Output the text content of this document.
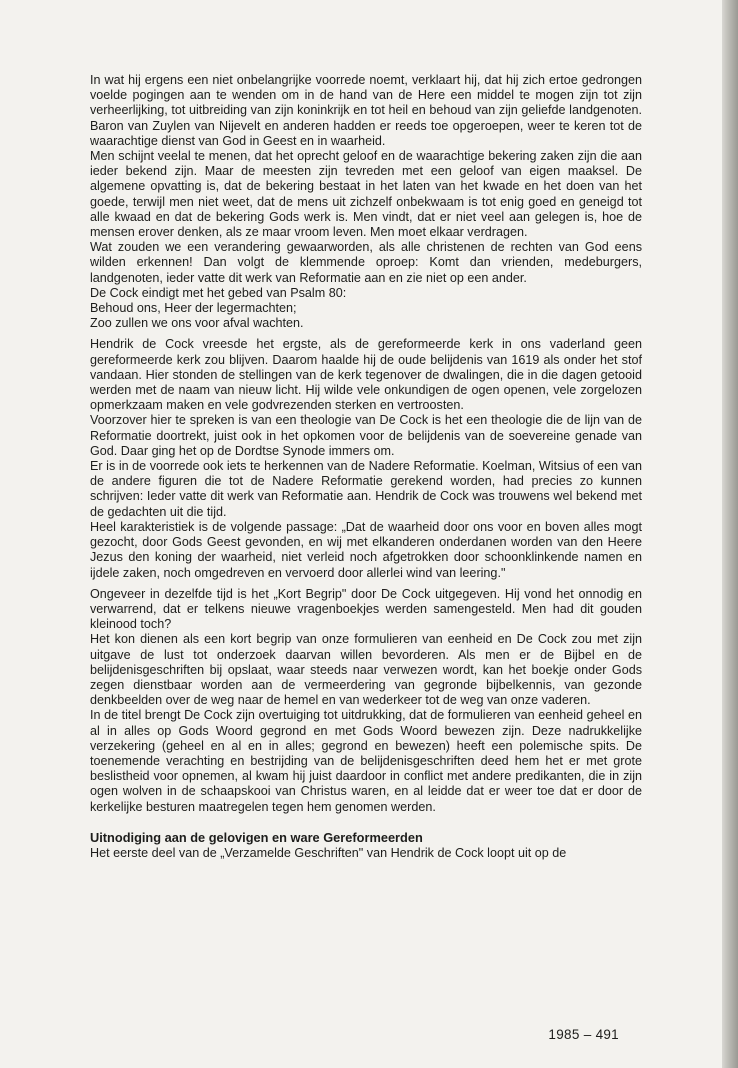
In wat hij ergens een niet onbelangrijke voorrede noemt, verklaart hij, dat hij zich ertoe gedrongen voelde pogingen aan te wenden om in de hand van de Here een middel te mogen zijn tot zijn verheerlijking, tot uitbreiding van zijn koninkrijk en tot heil en behoud van zijn geliefde landgenoten. Baron van Zuylen van Nijevelt en anderen hadden er reeds toe opgeroepen, weer te keren tot de waarachtige dienst van God in Geest en in waarheid.

Men schijnt veelal te menen, dat het oprecht geloof en de waarachtige bekering zaken zijn die aan ieder bekend zijn. Maar de meesten zijn tevreden met een geloof van eigen maaksel. De algemene opvatting is, dat de bekering bestaat in het laten van het kwade en het doen van het goede, terwijl men niet weet, dat de mens uit zichzelf onbekwaam is tot enig goed en geneigd tot alle kwaad en dat de bekering Gods werk is. Men vindt, dat er niet veel aan gelegen is, hoe de mensen erover denken, als ze maar vroom leven. Men moet elkaar verdragen.

Wat zouden we een verandering gewaarworden, als alle christenen de rechten van God eens wilden erkennen! Dan volgt de klemmende oproep: Komt dan vrienden, medeburgers, landgenoten, ieder vatte dit werk van Reformatie aan en zie niet op een ander.

De Cock eindigt met het gebed van Psalm 80:

Behoud ons, Heer der legermachten;

Zoo zullen we ons voor afval wachten.

Hendrik de Cock vreesde het ergste, als de gereformeerde kerk in ons vaderland geen gereformeerde kerk zou blijven. Daarom haalde hij de oude belijdenis van 1619 als onder het stof vandaan. Hier stonden de stellingen van de kerk tegenover de dwalingen, die in die dagen getooid werden met de naam van nieuw licht. Hij wilde vele onkundigen de ogen openen, vele zorgelozen opmerkzaam maken en vele godvrezenden sterken en vertroosten.

Voorzover hier te spreken is van een theologie van De Cock is het een theologie die de lijn van de Reformatie doortrekt, juist ook in het opkomen voor de belijdenis van de soevereine genade van God. Daar ging het op de Dordtse Synode immers om.

Er is in de voorrede ook iets te herkennen van de Nadere Reformatie. Koelman, Witsius of een van de andere figuren die tot de Nadere Reformatie gerekend worden, had precies zo kunnen schrijven: Ieder vatte dit werk van Reformatie aan. Hendrik de Cock was trouwens wel bekend met de gedachten uit die tijd.

Heel karakteristiek is de volgende passage: „Dat de waarheid door ons voor en boven alles mogt gezocht, door Gods Geest gevonden, en wij met elkanderen onderdanen worden van den Heere Jezus den koning der waarheid, niet verleid noch afgetrokken door schoonklinkende namen en ijdele zaken, noch omgedreven en vervoerd door allerlei wind van leering."

Ongeveer in dezelfde tijd is het „Kort Begrip" door De Cock uitgegeven. Hij vond het onnodig en verwarrend, dat er telkens nieuwe vragenboekjes werden samengesteld. Men had dit gouden kleinood toch?

Het kon dienen als een kort begrip van onze formulieren van eenheid en De Cock zou met zijn uitgave de lust tot onderzoek daarvan willen bevorderen. Als men er de Bijbel en de belijdenisgeschriften bij opslaat, waar steeds naar verwezen wordt, kan het boekje onder Gods zegen dienstbaar worden aan de vermeerdering van gegronde bijbelkennis, van gezonde denkbeelden over de weg naar de hemel en van wederkeer tot de weg van onze vaderen.

In de titel brengt De Cock zijn overtuiging tot uitdrukking, dat de formulieren van eenheid geheel en al in alles op Gods Woord gegrond en met Gods Woord bewezen zijn. Deze nadrukkelijke verzekering (geheel en al en in alles; gegrond en bewezen) heeft een polemische spits. De toenemende verachting en bestrijding van de belijdenisgeschriften deed hem het er met grote beslistheid voor opnemen, al kwam hij juist daardoor in conflict met andere predikanten, die in zijn ogen wolven in de schaapskooi van Christus waren, en al leidde dat er weer toe dat er door de kerkelijke besturen maatregelen tegen hem genomen werden.

Uitnodiging aan de gelovigen en ware Gereformeerden

Het eerste deel van de „Verzamelde Geschriften" van Hendrik de Cock loopt uit op de

1985 – 491
